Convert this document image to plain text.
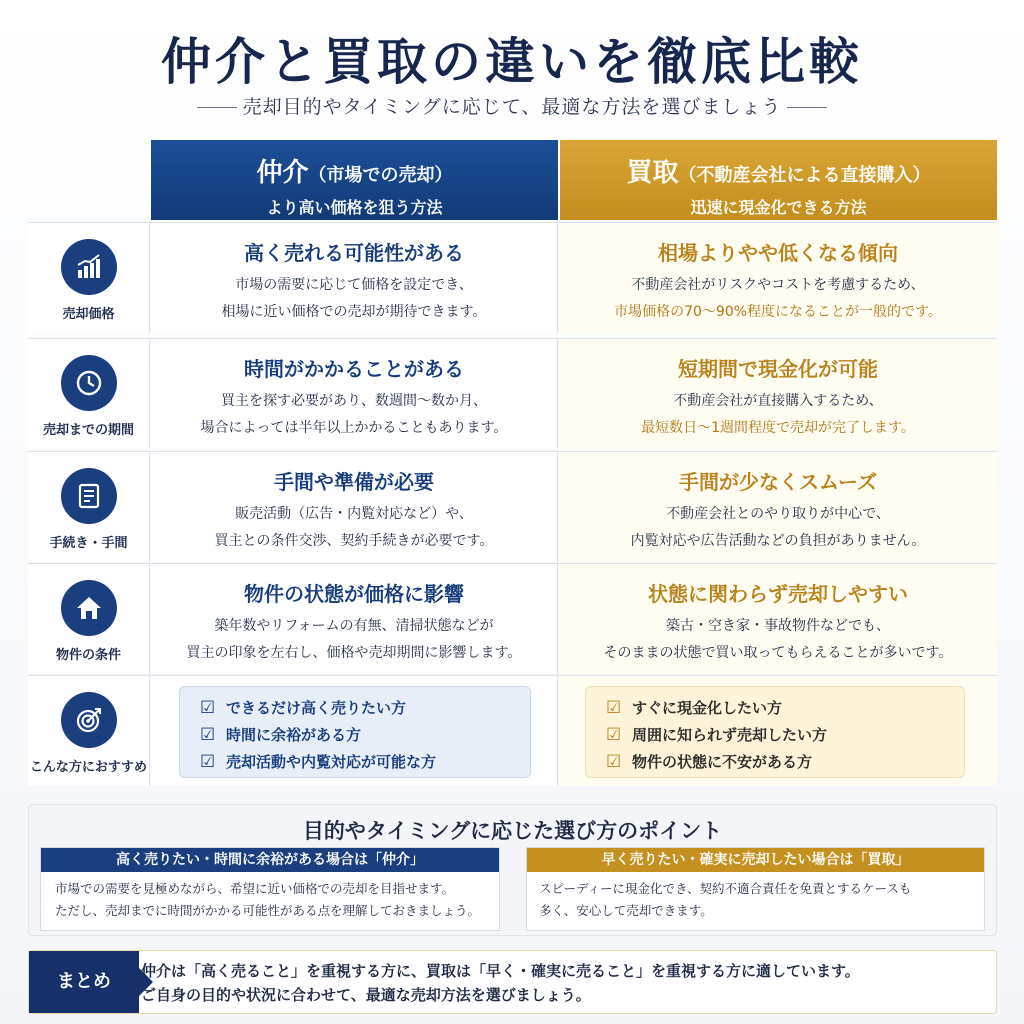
仲介と買取の違いを徹底比較
売却目的やタイミングに応じて、最適な方法を選びましょう
仲介（市場での売却）
より高い価格を狙う方法
買取（不動産会社による直接購入）
迅速に現金化できる方法
売却価格
高く売れる可能性がある
市場の需要に応じて価格を設定でき、
相場に近い価格での売却が期待できます。
相場よりやや低くなる傾向
不動産会社がリスクやコストを考慮するため、
市場価格の70〜90%程度になることが一般的です。
売却までの期間
時間がかかることがある
買主を探す必要があり、数週間〜数か月、
場合によっては半年以上かかることもあります。
短期間で現金化が可能
不動産会社が直接購入するため、
最短数日〜1週間程度で売却が完了します。
手続き・手間
手間や準備が必要
販売活動（広告・内覧対応など）や、
買主との条件交渉、契約手続きが必要です。
手間が少なくスムーズ
不動産会社とのやり取りが中心で、
内覧対応や広告活動などの負担がありません。
物件の条件
物件の状態が価格に影響
築年数やリフォームの有無、清掃状態などが
買主の印象を左右し、価格や売却期間に影響します。
状態に関わらず売却しやすい
築古・空き家・事故物件などでも、
そのままの状態で買い取ってもらえることが多いです。
こんな方におすすめ
☑ できるだけ高く売りたい方
☑ 時間に余裕がある方
☑ 売却活動や内覧対応が可能な方
☑ すぐに現金化したい方
☑ 周囲に知られず売却したい方
☑ 物件の状態に不安がある方
目的やタイミングに応じた選び方のポイント
高く売りたい・時間に余裕がある場合は「仲介」
市場での需要を見極めながら、希望に近い価格での売却を目指せます。
ただし、売却までに時間がかかる可能性がある点を理解しておきましょう。
早く売りたい・確実に売却したい場合は「買取」
スピーディーに現金化でき、契約不適合責任を免責とするケースも
多く、安心して売却できます。
まとめ	仲介は「高く売ること」を重視する方に、買取は「早く・確実に売ること」を重視する方に適しています。
ご自身の目的や状況に合わせて、最適な売却方法を選びましょう。
